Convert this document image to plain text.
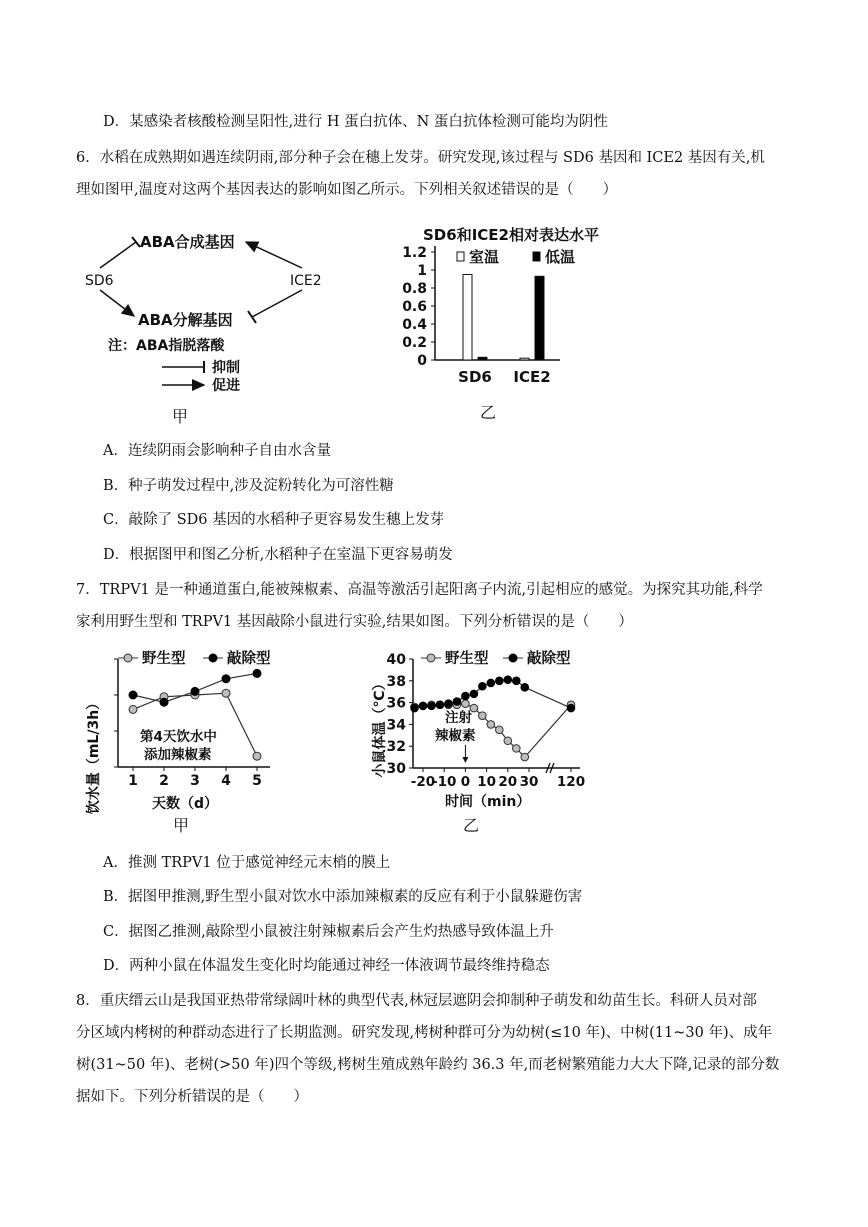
D．某感染者核酸检测呈阳性,进行 H 蛋白抗体、N 蛋白抗体检测可能均为阴性
6．水稻在成熟期如遇连续阴雨,部分种子会在穗上发芽。研究发现,该过程与 SD6 基因和 ICE2 基因有关,机
理如图甲,温度对这两个基因表达的影响如图乙所示。下列相关叙述错误的是（　　）
ABA合成基因
SD6	ICE2
ABA分解基因
注：ABA指脱落酸
抑制
促进
甲
SD6和ICE2相对表达水平
0
0.2
0.4
0.6
0.8
1
1.2
SD6 ICE2
室温	低温
乙
A．连续阴雨会影响种子自由水含量
B．种子萌发过程中,涉及淀粉转化为可溶性糖
C．敲除了 SD6 基因的水稻种子更容易发生穗上发芽
D．根据图甲和图乙分析,水稻种子在室温下更容易萌发
7．TRPV1 是一种通道蛋白,能被辣椒素、高温等激活引起阳离子内流,引起相应的感觉。为探究其功能,科学
家利用野生型和 TRPV1 基因敲除小鼠进行实验,结果如图。下列分析错误的是（　　）
野生型	敲除型
饮水量（mL/3h） 1 2 3 4 5
第4天饮水中
添加辣椒素
天数（d）
甲
野生型	敲除型
小鼠体温（℃）
30
32
34
36
38
40
-20
-10 0 10 20 30 120
注射
辣椒素
时间（min）
乙
A．推测 TRPV1 位于感觉神经元末梢的膜上
B．据图甲推测,野生型小鼠对饮水中添加辣椒素的反应有利于小鼠躲避伤害
C．据图乙推测,敲除型小鼠被注射辣椒素后会产生灼热感导致体温上升
D．两种小鼠在体温发生变化时均能通过神经一体液调节最终维持稳态
8．重庆缙云山是我国亚热带常绿阔叶林的典型代表,林冠层遮阴会抑制种子萌发和幼苗生长。科研人员对部
分区域内栲树的种群动态进行了长期监测。研究发现,栲树种群可分为幼树(≤10 年)、中树(11~30 年)、成年
树(31~50 年)、老树(>50 年)四个等级,栲树生殖成熟年龄约 36.3 年,而老树繁殖能力大大下降,记录的部分数
据如下。下列分析错误的是（　　）
